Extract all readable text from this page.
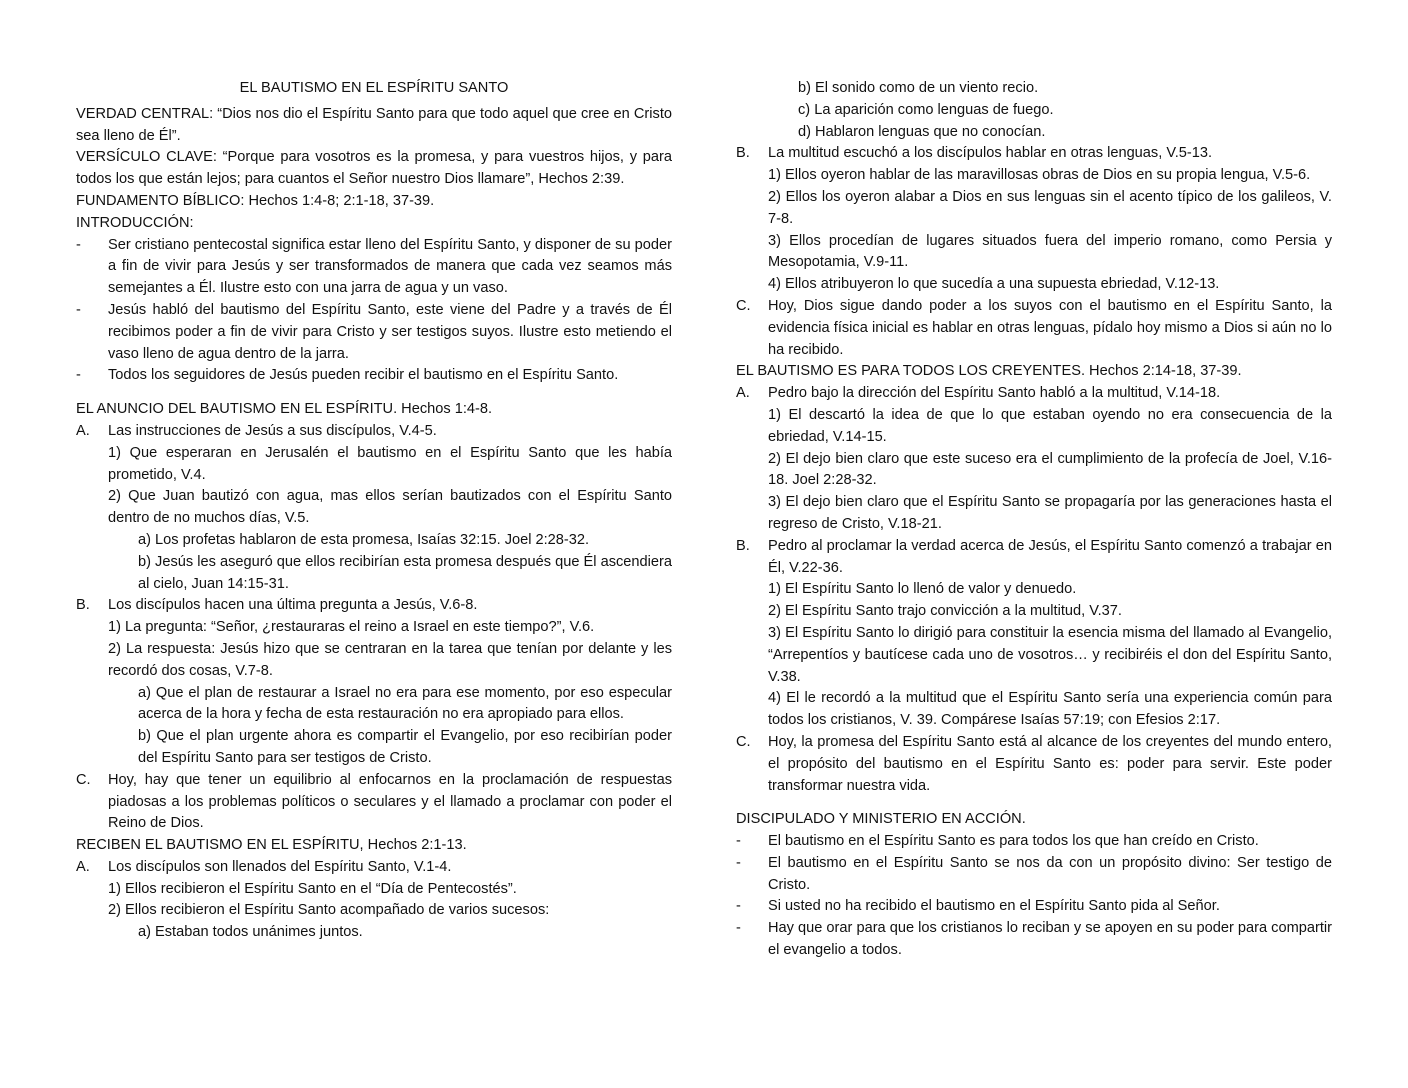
EL BAUTISMO EN EL ESPÍRITU SANTO

VERDAD CENTRAL: “Dios nos dio el Espíritu Santo para que todo aquel que cree en Cristo sea lleno de Él”.

VERSÍCULO CLAVE: “Porque para vosotros es la promesa, y para vuestros hijos, y para todos los que están lejos; para cuantos el Señor nuestro Dios llamare”, Hechos 2:39.

FUNDAMENTO BÍBLICO: Hechos 1:4-8; 2:1-18, 37-39.

INTRODUCCIÓN:

-	Ser cristiano pentecostal significa estar lleno del Espíritu Santo, y disponer de su poder a fin de vivir para Jesús y ser transformados de manera que cada vez seamos más semejantes a Él. Ilustre esto con una jarra de agua y un vaso.
-	Jesús habló del bautismo del Espíritu Santo, este viene del Padre y a través de Él recibimos poder a fin de vivir para Cristo y ser testigos suyos. Ilustre esto metiendo el vaso lleno de agua dentro de la jarra.
-	Todos los seguidores de Jesús pueden recibir el bautismo en el Espíritu Santo.

EL ANUNCIO DEL BAUTISMO EN EL ESPÍRITU. Hechos 1:4-8.

A.	Las instrucciones de Jesús a sus discípulos, V.4-5.

1) Que esperaran en Jerusalén el bautismo en el Espíritu Santo que les había prometido, V.4.

2) Que Juan bautizó con agua, mas ellos serían bautizados con el Espíritu Santo dentro de no muchos días, V.5.

a) Los profetas hablaron de esta promesa, Isaías 32:15. Joel 2:28-32.

b) Jesús les aseguró que ellos recibirían esta promesa después que Él ascendiera al cielo, Juan 14:15-31.

B.	Los discípulos hacen una última pregunta a Jesús, V.6-8.

1) La pregunta: “Señor, ¿restauraras el reino a Israel en este tiempo?”, V.6.

2) La respuesta: Jesús hizo que se centraran en la tarea que tenían por delante y les recordó dos cosas, V.7-8.

a) Que el plan de restaurar a Israel no era para ese momento, por eso especular acerca de la hora y fecha de esta restauración no era apropiado para ellos.

b) Que el plan urgente ahora es compartir el Evangelio, por eso recibirían poder del Espíritu Santo para ser testigos de Cristo.

C.	Hoy, hay que tener un equilibrio al enfocarnos en la proclamación de respuestas piadosas a los problemas políticos o seculares y el llamado a proclamar con poder el Reino de Dios.

RECIBEN EL BAUTISMO EN EL ESPÍRITU, Hechos 2:1-13.

A.	Los discípulos son llenados del Espíritu Santo, V.1-4.

1) Ellos recibieron el Espíritu Santo en el “Día de Pentecostés”.

2) Ellos recibieron el Espíritu Santo acompañado de varios sucesos:

a) Estaban todos unánimes juntos.

b) El sonido como de un viento recio.

c) La aparición como lenguas de fuego.

d) Hablaron lenguas que no conocían.

B.	La multitud escuchó a los discípulos hablar en otras lenguas, V.5-13.

1) Ellos oyeron hablar de las maravillosas obras de Dios en su propia lengua, V.5-6.

2) Ellos los oyeron alabar a Dios en sus lenguas sin el acento típico de los galileos, V. 7-8.

3) Ellos procedían de lugares situados fuera del imperio romano, como Persia y Mesopotamia, V.9-11.

4) Ellos atribuyeron lo que sucedía a una supuesta ebriedad, V.12-13.

C.	Hoy, Dios sigue dando poder a los suyos con el bautismo en el Espíritu Santo, la evidencia física inicial es hablar en otras lenguas, pídalo hoy mismo a Dios si aún no lo ha recibido.

EL BAUTISMO ES PARA TODOS LOS CREYENTES. Hechos 2:14-18, 37-39.

A.	Pedro bajo la dirección del Espíritu Santo habló a la multitud, V.14-18.

1) El descartó la idea de que lo que estaban oyendo no era consecuencia de la ebriedad, V.14-15.

2) El dejo bien claro que este suceso era el cumplimiento de la profecía de Joel, V.16-18. Joel 2:28-32.

3) El dejo bien claro que el Espíritu Santo se propagaría por las generaciones hasta el regreso de Cristo, V.18-21.

B.	Pedro al proclamar la verdad acerca de Jesús, el Espíritu Santo comenzó a trabajar en Él, V.22-36.

1) El Espíritu Santo lo llenó de valor y denuedo.

2) El Espíritu Santo trajo convicción a la multitud, V.37.

3) El Espíritu Santo lo dirigió para constituir la esencia misma del llamado al Evangelio, “Arrepentíos y bautícese cada uno de vosotros… y recibiréis el don del Espíritu Santo, V.38.

4) El le recordó a la multitud que el Espíritu Santo sería una experiencia común para todos los cristianos, V. 39. Compárese Isaías 57:19; con Efesios 2:17.

C.	Hoy, la promesa del Espíritu Santo está al alcance de los creyentes del mundo entero, el propósito del bautismo en el Espíritu Santo es: poder para servir. Este poder transformar nuestra vida.

DISCIPULADO Y MINISTERIO EN ACCIÓN.

-	El bautismo en el Espíritu Santo es para todos los que han creído en Cristo.
-	El bautismo en el Espíritu Santo se nos da con un propósito divino: Ser testigo de Cristo.
-	Si usted no ha recibido el bautismo en el Espíritu Santo pida al Señor.
-	Hay que orar para que los cristianos lo reciban y se apoyen en su poder para compartir el evangelio a todos.
